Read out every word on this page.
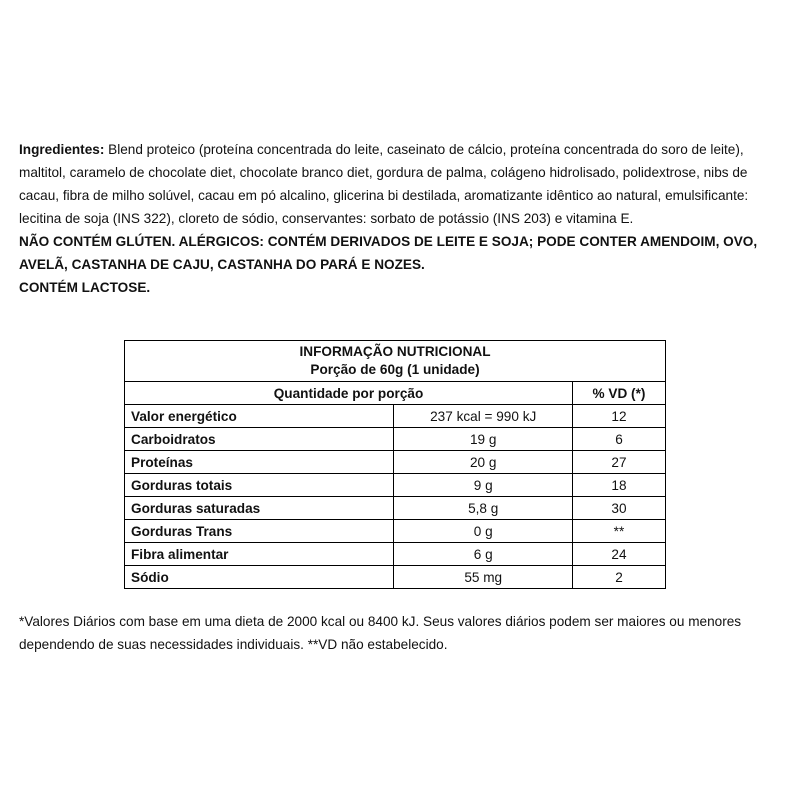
Ingredientes: Blend proteico (proteína concentrada do leite, caseinato de cálcio, proteína concentrada do soro de leite), maltitol, caramelo de chocolate diet, chocolate branco diet, gordura de palma, colágeno hidrolisado, polidextrose, nibs de cacau, fibra de milho solúvel, cacau em pó alcalino, glicerina bi destilada, aromatizante idêntico ao natural, emulsificante: lecitina de soja (INS 322), cloreto de sódio, conservantes: sorbato de potássio (INS 203) e vitamina E.

NÃO CONTÉM GLÚTEN. ALÉRGICOS: CONTÉM DERIVADOS DE LEITE E SOJA; PODE CONTER AMENDOIM, OVO, AVELÃ, CASTANHA DE CAJU, CASTANHA DO PARÁ E NOZES.

CONTÉM LACTOSE.

INFORMAÇÃO NUTRICIONAL
Porção de 60g (1 unidade)		

Quantidade por porção		% VD (*)
Valor energético	237 kcal = 990 kJ	12
Carboidratos	19 g	6
Proteínas	20 g	27
Gorduras totais	9 g	18
Gorduras saturadas	5,8 g	30
Gorduras Trans	0 g	**
Fibra alimentar	6 g	24
Sódio	55 mg	2

*Valores Diários com base em uma dieta de 2000 kcal ou 8400 kJ. Seus valores diários podem ser maiores ou menores dependendo de suas necessidades individuais. **VD não estabelecido.
